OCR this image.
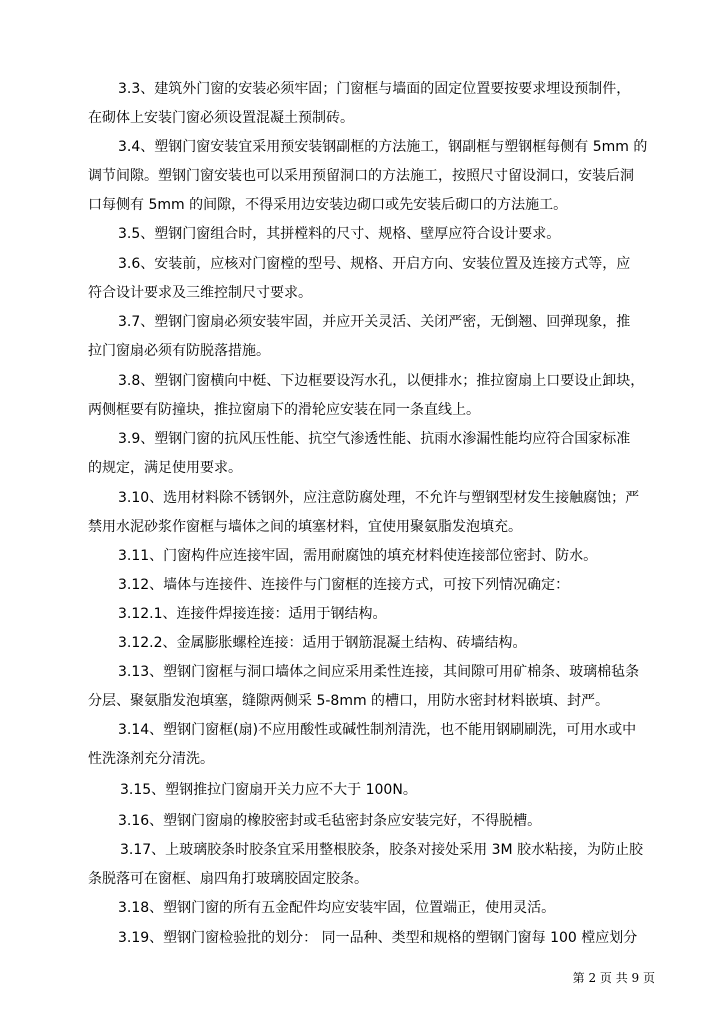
3.3、建筑外门窗的安装必须牢固；门窗框与墙面的固定位置要按要求埋设预制件，
在砌体上安装门窗必须设置混凝土预制砖。
3.4、塑钢门窗安装宜采用预安装钢副框的方法施工，钢副框与塑钢框每侧有 5mm 的
调节间隙。塑钢门窗安装也可以采用预留洞口的方法施工，按照尺寸留设洞口，安装后洞
口每侧有 5mm 的间隙，不得采用边安装边砌口或先安装后砌口的方法施工。
3.5、塑钢门窗组合时，其拼樘料的尺寸、规格、壁厚应符合设计要求。
3.6、安装前，应核对门窗樘的型号、规格、开启方向、安装位置及连接方式等，应
符合设计要求及三维控制尺寸要求。
3.7、塑钢门窗扇必须安装牢固，并应开关灵活、关闭严密，无倒翘、回弹现象，推
拉门窗扇必须有防脱落措施。
3.8、塑钢门窗横向中梃、下边框要设泻水孔，以便排水；推拉窗扇上口要设止卸块，
两侧框要有防撞块，推拉窗扇下的滑轮应安装在同一条直线上。
3.9、塑钢门窗的抗风压性能、抗空气渗透性能、抗雨水渗漏性能均应符合国家标准
的规定，满足使用要求。
3.10、选用材料除不锈钢外，应注意防腐处理，不允许与塑钢型材发生接触腐蚀；严
禁用水泥砂浆作窗框与墙体之间的填塞材料，宜使用聚氨脂发泡填充。
3.11、门窗构件应连接牢固，需用耐腐蚀的填充材料使连接部位密封、防水。
3.12、墙体与连接件、连接件与门窗框的连接方式，可按下列情况确定：
3.12.1、连接件焊接连接：适用于钢结构。
3.12.2、金属膨胀螺栓连接：适用于钢筋混凝土结构、砖墙结构。
3.13、塑钢门窗框与洞口墙体之间应采用柔性连接，其间隙可用矿棉条、玻璃棉毡条
分层、聚氨脂发泡填塞，缝隙两侧采 5-8mm 的槽口，用防水密封材料嵌填、封严。
3.14、塑钢门窗框(扇)不应用酸性或碱性制剂清洗，也不能用钢刷刷洗，可用水或中
性洗涤剂充分清洗。
3.15、塑钢推拉门窗扇开关力应不大于 100N。
3.16、塑钢门窗扇的橡胶密封或毛毡密封条应安装完好，不得脱槽。
3.17、上玻璃胶条时胶条宜采用整根胶条，胶条对接处采用 3M 胶水粘接，为防止胶
条脱落可在窗框、扇四角打玻璃胶固定胶条。
3.18、塑钢门窗的所有五金配件均应安装牢固，位置端正，使用灵活。
3.19、塑钢门窗检验批的划分： 同一品种、类型和规格的塑钢门窗每 100 樘应划分
第 2 页 共 9 页
